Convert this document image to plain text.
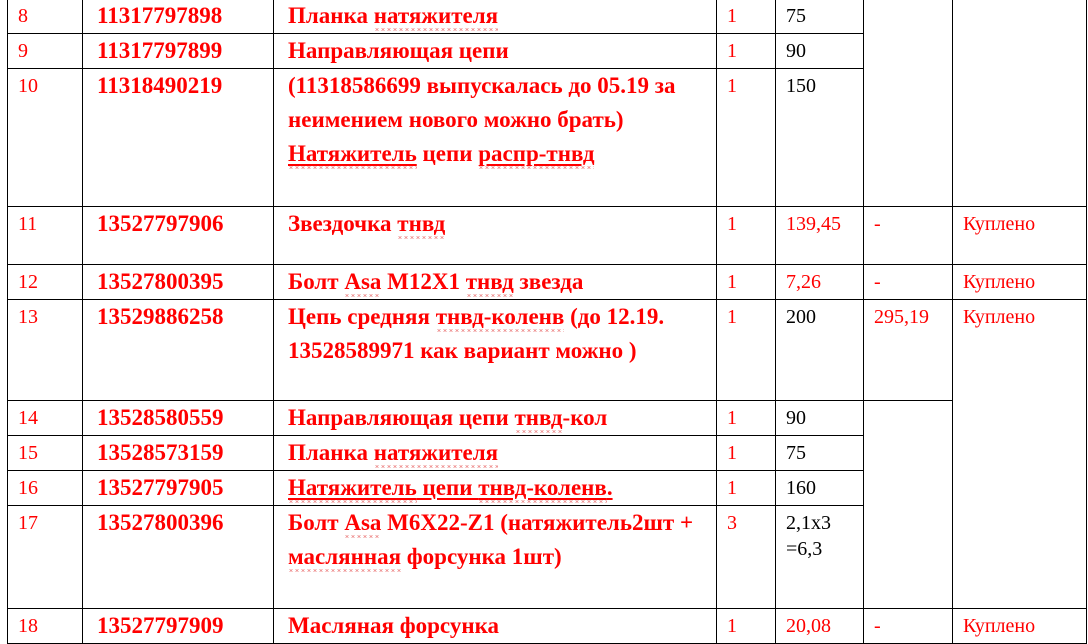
8	11317797898	Планка натяжителя	1	75		
9	11317797899	Направляющая цепи	1	90		
10	11318490219	(11318586699 выпускалась до 05.19 за неимением нового можно брать) Натяжитель цепи распр-тнвд	1	150		
11	13527797906	Звездочка тнвд	1	139,45	-	Куплено
12	13527800395	Болт Asa M12X1 тнвд звезда	1	7,26	-	Куплено
13	13529886258	Цепь средняя тнвд-коленв (до 12.19. 13528589971 как вариант можно )	1	200	295,19	Куплено
14	13528580559	Направляющая цепи тнвд-кол	1	90		
15	13528573159	Планка натяжителя	1	75		
16	13527797905	Натяжитель цепи тнвд-коленв.	1	160		
17	13527800396	Болт Asa M6X22-Z1 (натяжитель2шт + маслянная форсунка 1шт)	3	2,1x3 =6,3		
18	13527797909	Масляная форсунка	1	20,08	-	Куплено
